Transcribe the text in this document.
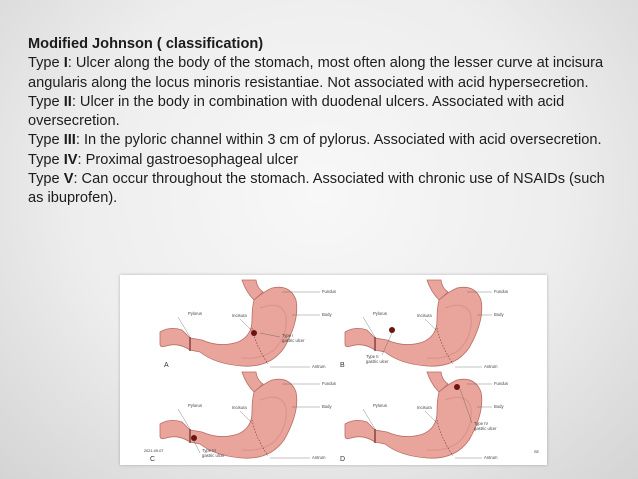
Modified Johnson ( classification)

Type I: Ulcer along the body of the stomach, most often along the lesser curve at incisura angularis along the locus minoris resistantiae. Not associated with acid hypersecretion.

Type II: Ulcer in the body in combination with duodenal ulcers. Associated with acid oversecretion.

Type III: In the pyloric channel within 3 cm of pylorus. Associated with acid oversecretion.

Type IV: Proximal gastroesophageal ulcer

Type V: Can occur throughout the stomach. Associated with chronic use of NSAIDs (such as ibuprofen).

Fundus
Body
Pylorus	Incisura
Type I
gastric ulcer
Antrum
A
Fundus
Body
Pylorus	Incisura
Type II
gastric ulcer
Antrum
B
Fundus
Body
Pylorus	Incisura
Type III
gastric ulcer	Antrum
2021-09-07
C
Fundus
Body
Pylorus	Incisura
Type IV
gastric ulcer
Antrum
D
SE
